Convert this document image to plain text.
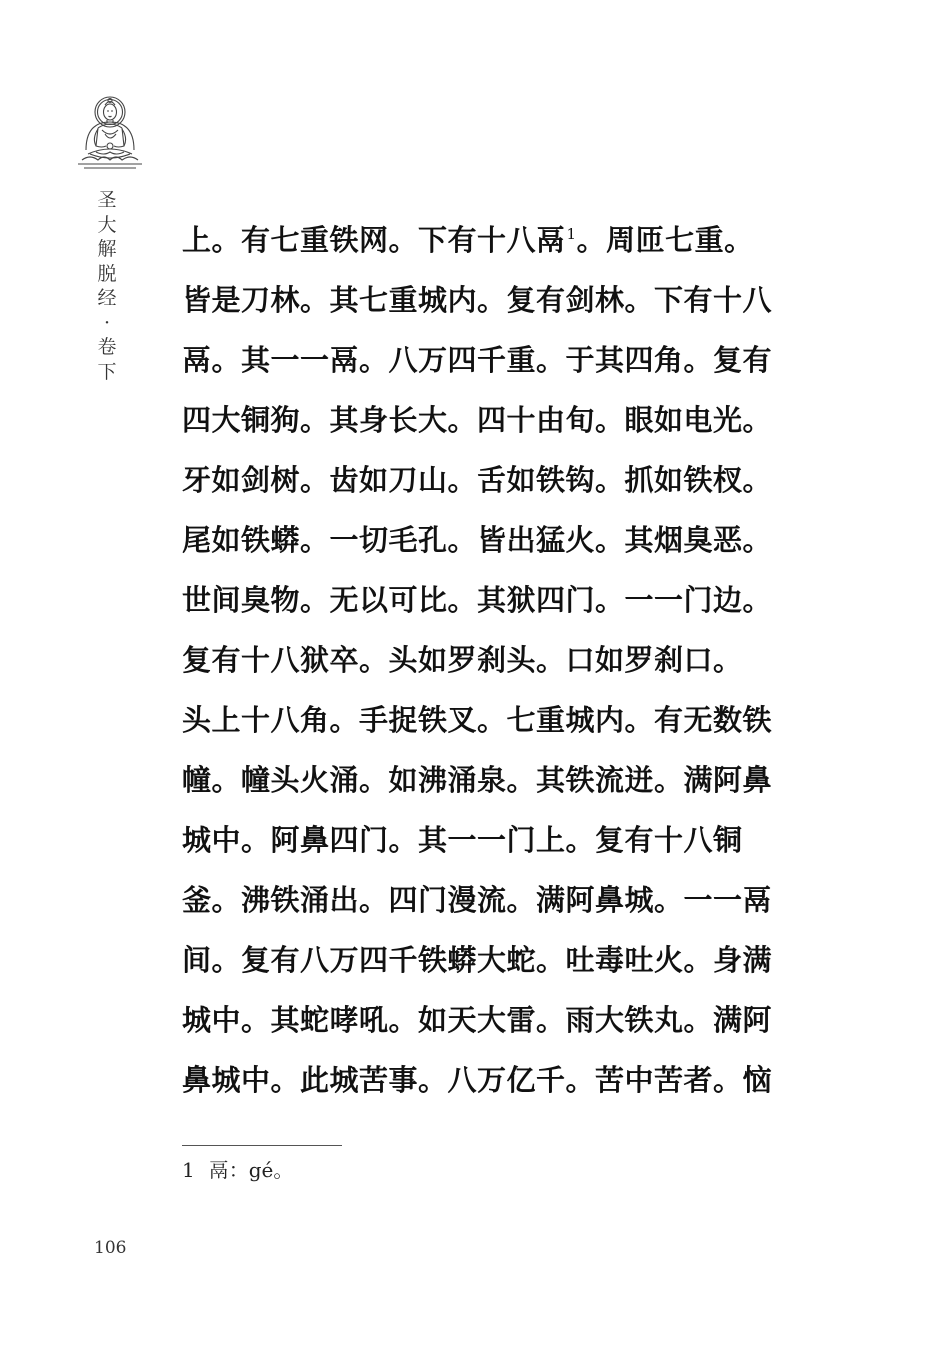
圣
大
解
脱
经
·
卷
下
上。有七重铁网。下有十八鬲$^1$。周匝七重。
皆是刀林。其七重城内。复有剑林。下有十八
鬲。其一一鬲。八万四千重。于其四角。复有
四大铜狗。其身长大。四十由旬。眼如电光。
牙如剑树。齿如刀山。舌如铁钩。抓如铁杈。
尾如铁蟒。一切毛孔。皆出猛火。其烟臭恶。
世间臭物。无以可比。其狱四门。一一门边。
复有十八狱卒。头如罗刹头。口如罗刹口。
头上十八角。手捉铁叉。七重城内。有无数铁
幢。幢头火涌。如沸涌泉。其铁流迸。满阿鼻
城中。阿鼻四门。其一一门上。复有十八铜
釜。沸铁涌出。四门漫流。满阿鼻城。一一鬲
间。复有八万四千铁蟒大蛇。吐毒吐火。身满
城中。其蛇哮吼。如天大雷。雨大铁丸。满阿
鼻城中。此城苦事。八万亿千。苦中苦者。恼
1 鬲：gé。
106
